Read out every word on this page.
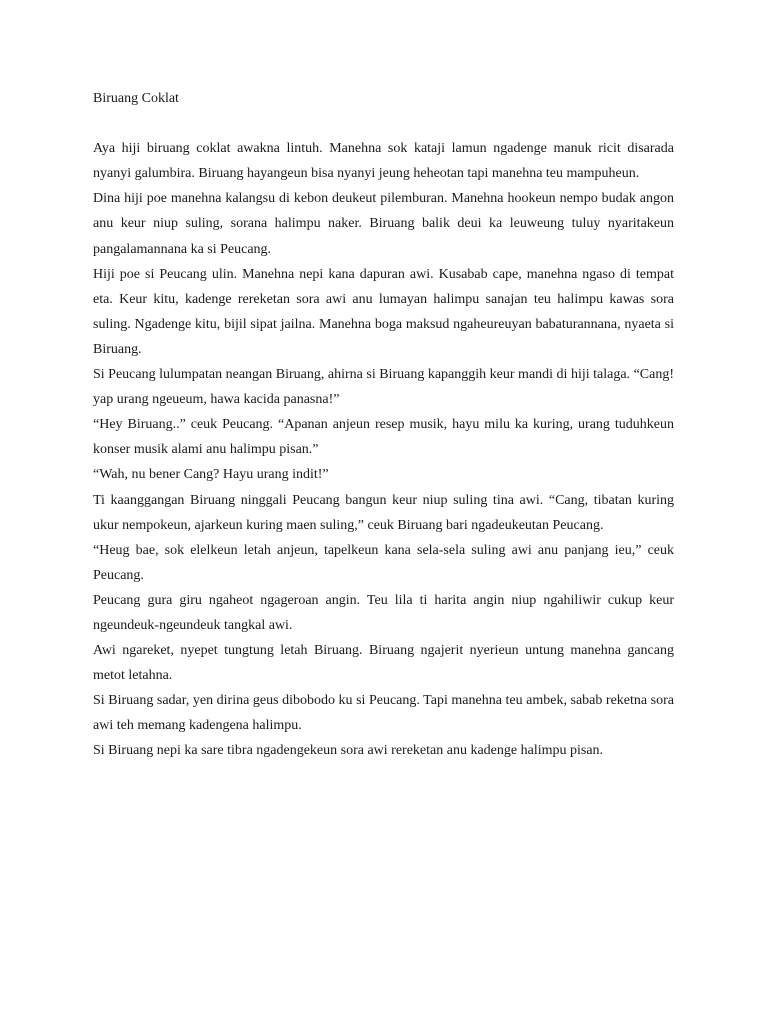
Biruang Coklat

Aya hiji biruang coklat awakna lintuh. Manehna sok kataji lamun ngadenge manuk ricit disarada nyanyi galumbira. Biruang hayangeun bisa nyanyi jeung heheotan tapi manehna teu mampuheun.

Dina hiji poe manehna kalangsu di kebon deukeut pilemburan. Manehna hookeun nempo budak angon anu keur niup suling, sorana halimpu naker. Biruang balik deui ka leuweung tuluy nyaritakeun pangalamannana ka si Peucang.

Hiji poe si Peucang ulin. Manehna nepi kana dapuran awi. Kusabab cape, manehna ngaso di tempat eta. Keur kitu, kadenge rereketan sora awi anu lumayan halimpu sanajan teu halimpu kawas sora suling. Ngadenge kitu, bijil sipat jailna. Manehna boga maksud ngaheureuyan babaturannana, nyaeta si Biruang.

Si Peucang lulumpatan neangan Biruang, ahirna si Biruang kapanggih keur mandi di hiji talaga. “Cang! yap urang ngeueum, hawa kacida panasna!”

“Hey Biruang..” ceuk Peucang. “Apanan anjeun resep musik, hayu milu ka kuring, urang tuduhkeun konser musik alami anu halimpu pisan.”

“Wah, nu bener Cang? Hayu urang indit!”

Ti kaanggangan Biruang ninggali Peucang bangun keur niup suling tina awi. “Cang, tibatan kuring ukur nempokeun, ajarkeun kuring maen suling,” ceuk Biruang bari ngadeukeutan Peucang.

“Heug bae, sok elelkeun letah anjeun, tapelkeun kana sela-sela suling awi anu panjang ieu,” ceuk Peucang.

Peucang gura giru ngaheot ngageroan angin. Teu lila ti harita angin niup ngahiliwir cukup keur ngeundeuk-ngeundeuk tangkal awi.

Awi ngareket, nyepet tungtung letah Biruang. Biruang ngajerit nyerieun untung manehna gancang metot letahna.

Si Biruang sadar, yen dirina geus dibobodo ku si Peucang. Tapi manehna teu ambek, sabab reketna sora awi teh memang kadengena halimpu.

Si Biruang nepi ka sare tibra ngadengekeun sora awi rereketan anu kadenge halimpu pisan.
